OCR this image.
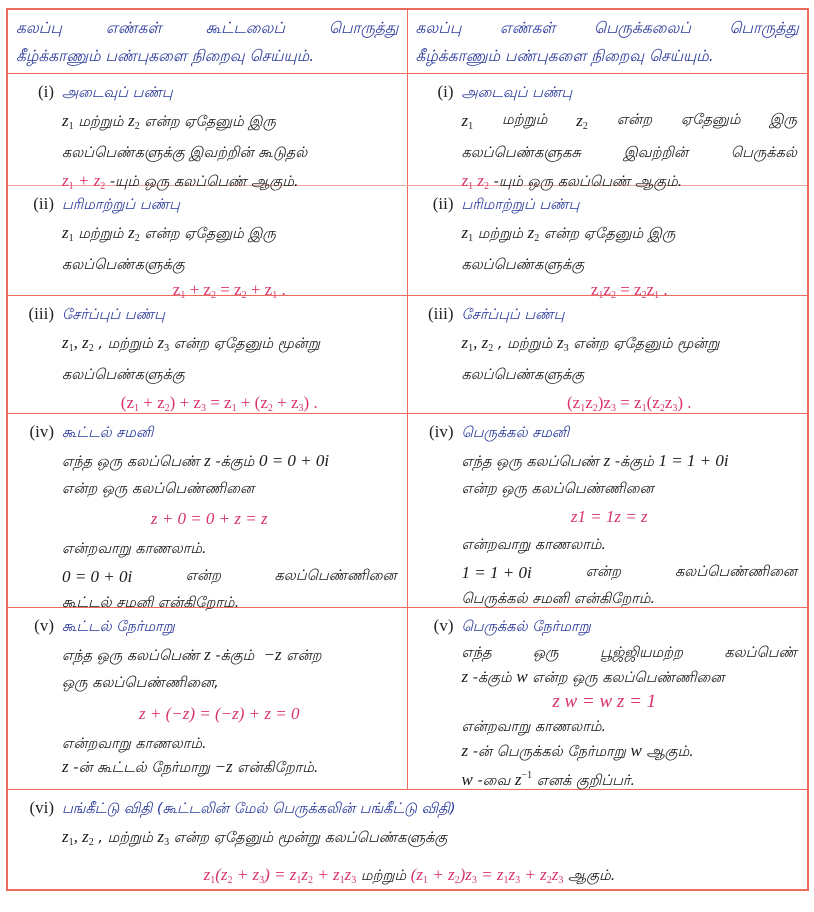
கலப்பு	எண்கள்	கூட்டலைப்	பொருத்து
கீழ்க்காணும் பண்புகளை நிறைவு செய்யும்.
கலப்பு எண்கள் பெருக்கலைப் பொருத்து
கீழ்க்காணும் பண்புகளை நிறைவு செய்யும்.
(i) அடைவுப் பண்பு
$z_1$ மற்றும் $z_2$ என்ற ஏதேனும் இரு
கலப்பெண்களுக்கு இவற்றின் கூடுதல்
$z_1 + z_2$ -யும் ஒரு கலப்பெண் ஆகும்.
(i) அடைவுப் பண்பு
$z_1$ மற்றும் $z_2$ என்ற ஏதேனும் இரு
கலப்பெண்களுகசு	இவற்றின்	பெருக்கல்
$z_1$ $z_2$ -யும் ஒரு கலப்பெண் ஆகும்.
(ii) பரிமாற்றுப் பண்பு
$z_1$ மற்றும் $z_2$ என்ற ஏதேனும் இரு
கலப்பெண்களுக்கு
$z_1 + z_2 = z_2 + z_1$ .
(ii) பரிமாற்றுப் பண்பு
$z_1$ மற்றும் $z_2$ என்ற ஏதேனும் இரு
கலப்பெண்களுக்கு
$z_1z_2 = z_2z_1$ .
(iii) சேர்ப்புப் பண்பு
$z_1$, $z_2$ , மற்றும் $z_3$ என்ற ஏதேனும் மூன்று
கலப்பெண்களுக்கு
$(z_1 + z_2) + z_3 = z_1 + (z_2 + z_3)$ .
(iii) சேர்ப்புப் பண்பு
$z_1$, $z_2$ , மற்றும் $z_3$ என்ற ஏதேனும் மூன்று
கலப்பெண்களுக்கு
$(z_1z_2)z_3 = z_1(z_2z_3)$ .
(iv) கூட்டல் சமனி
எந்த ஒரு கலப்பெண் z -க்கும் 0 = 0 + 0i
என்ற ஒரு கலப்பெண்ணினை
z + 0 = 0 + z = z
என்றவாறு காணலாம்.
0 = 0 + 0i	என்ற	கலப்பெண்ணினை
கூட்டல் சமனி என்கிறோம்.
(iv) பெருக்கல் சமனி
எந்த ஒரு கலப்பெண் z -க்கும் 1 = 1 + 0i
என்ற ஒரு கலப்பெண்ணினை
z1 = 1z = z
என்றவாறு காணலாம்.
1 = 1 + 0i	என்ற	கலப்பெண்ணினை
பெருக்கல் சமனி என்கிறோம்.
(v) கூட்டல் நேர்மாறு
எந்த ஒரு கலப்பெண் z -க்கும் −z என்ற
ஒரு கலப்பெண்ணினை,
z + (−z) = (−z) + z = 0
என்றவாறு காணலாம்.
z -ன் கூட்டல் நேர்மாறு −z என்கிறோம்.
(v) பெருக்கல் நேர்மாறு
எந்த	ஒரு	பூஜ்ஜியமற்ற	கலப்பெண்
z -க்கும் w என்ற ஒரு கலப்பெண்ணினை
z w = w z = 1
என்றவாறு காணலாம்.
z -ன் பெருக்கல் நேர்மாறு w ஆகும்.
w -வை $z^{-1}$ எனக் குறிப்பர்.
(vi) பங்கீட்டு விதி (கூட்டலின் மேல் பெருக்கலின் பங்கீட்டு விதி)
$z_1$, $z_2$ , மற்றும் $z_3$ என்ற ஏதேனும் மூன்று கலப்பெண்களுக்கு
$z_1(z_2 + z_3) = z_1z_2 + z_1z_3$ மற்றும் $(z_1 + z_2)z_3 = z_1z_3 + z_2z_3$ ஆகும்.
